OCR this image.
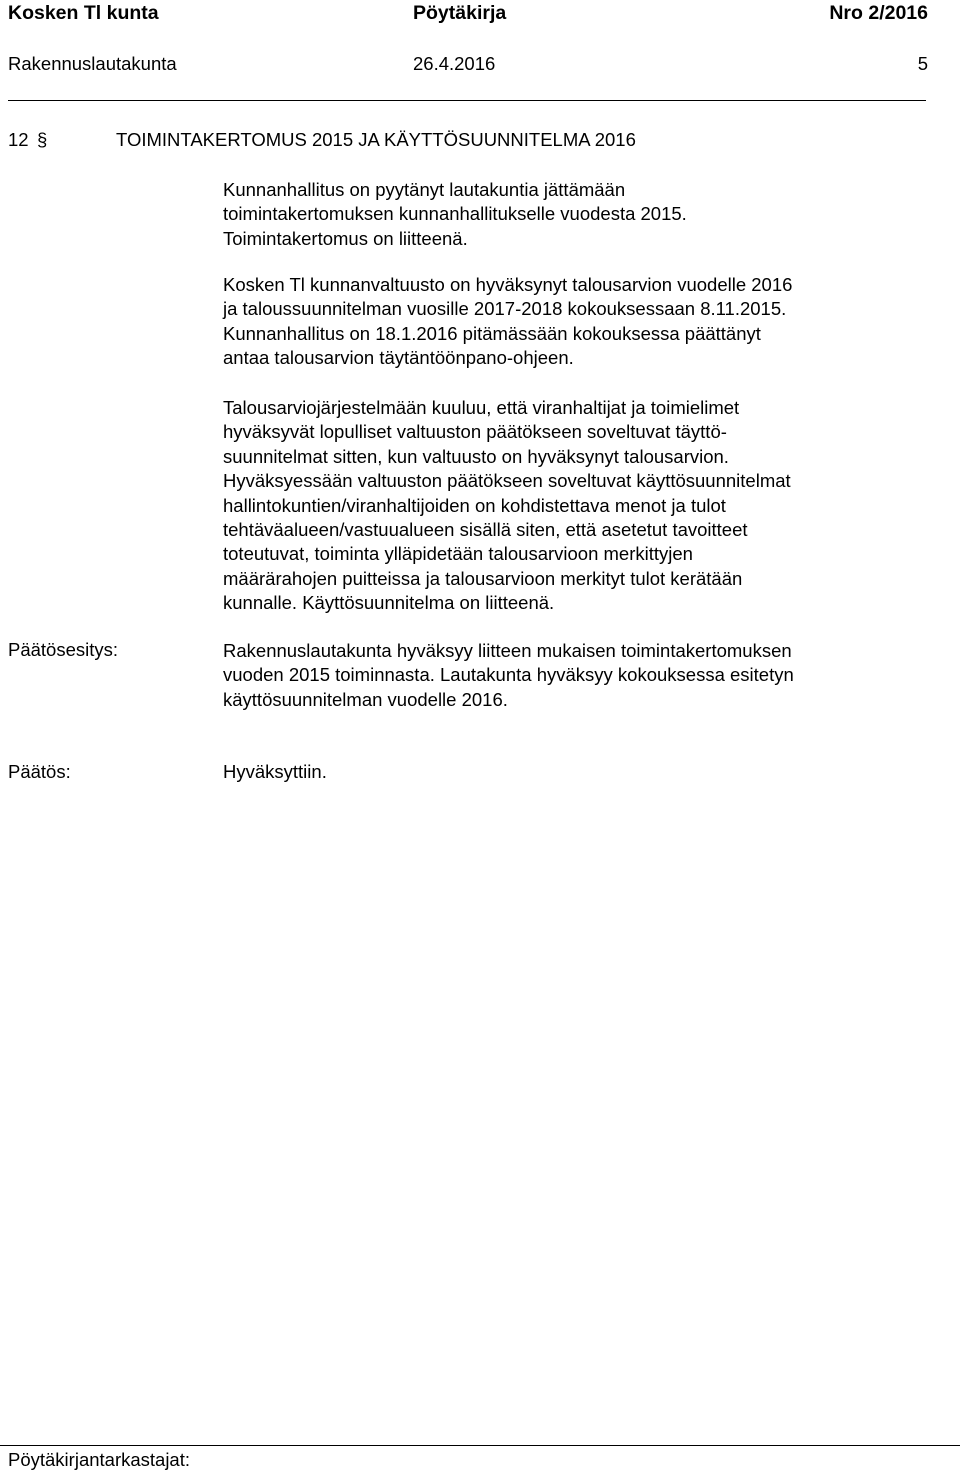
Kosken Tl kunta	Pöytäkirja	Nro 2/2016
Rakennuslautakunta	26.4.2016	5
12 §	TOIMINTAKERTOMUS 2015 JA KÄYTTÖSUUNNITELMA 2016
Kunnanhallitus on pyytänyt lautakuntia jättämään
toimintakertomuksen kunnanhallitukselle vuodesta 2015.
Toimintakertomus on liitteenä.
Kosken Tl kunnanvaltuusto on hyväksynyt talousarvion vuodelle 2016
ja taloussuunnitelman vuosille 2017-2018 kokouksessaan 8.11.2015.
Kunnanhallitus on 18.1.2016 pitämässään kokouksessa päättänyt
antaa talousarvion täytäntöönpano-ohjeen.
Talousarviojärjestelmään kuuluu, että viranhaltijat ja toimielimet
hyväksyvät lopulliset valtuuston päätökseen soveltuvat täyttö-
suunnitelmat sitten, kun valtuusto on hyväksynyt talousarvion.
Hyväksyessään valtuuston päätökseen soveltuvat käyttösuunnitelmat
hallintokuntien/viranhaltijoiden on kohdistettava menot ja tulot
tehtäväalueen/vastuualueen sisällä siten, että asetetut tavoitteet
toteutuvat, toiminta ylläpidetään talousarvioon merkittyjen
määrärahojen puitteissa ja talousarvioon merkityt tulot kerätään
kunnalle. Käyttösuunnitelma on liitteenä.
Päätösesitys:	Rakennuslautakunta hyväksyy liitteen mukaisen toimintakertomuksen
vuoden 2015 toiminnasta. Lautakunta hyväksyy kokouksessa esitetyn
käyttösuunnitelman vuodelle 2016.
Päätös:	Hyväksyttiin.
Pöytäkirjantarkastajat:
